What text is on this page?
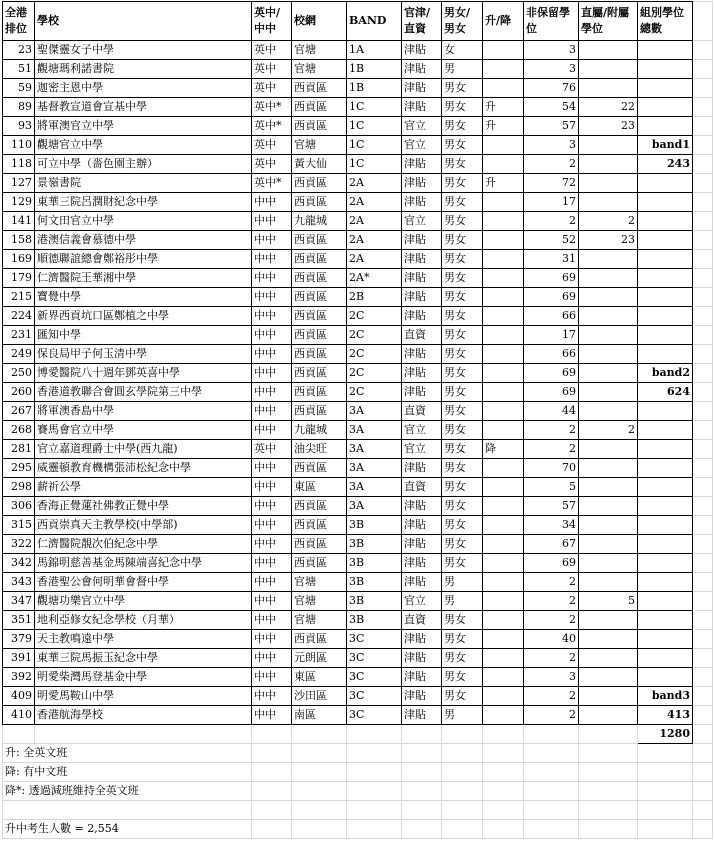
全港排位	學校	英中/中中	校網	BAND	官津/直資	男女/男女	升/降	非保留學位	直屬/附屬學位	組別學位總數	
23	聖傑靈女子中學	英中	官塘	1A	津貼	女		3			
51	觀塘瑪利諾書院	英中	官塘	1B	津貼	男		3			
59	迦密主恩中學	英中	西貢區	1B	津貼	男女		76			
89	基督教宣道會宣基中學	英中*	西貢區	1C	津貼	男女	升	54	22		
93	將軍澳官立中學	英中*	西貢區	1C	官立	男女	升	57	23		
110	觀塘官立中學	英中	官塘	1C	官立	男女		3		band1	
118	可立中學（嗇色園主辦）	英中	黃大仙	1C	津貼	男女		2		243	
127	景嶺書院	英中*	西貢區	2A	津貼	男女	升	72			
129	東華三院呂潤財紀念中學	中中	西貢區	2A	津貼	男女		17			
141	何文田官立中學	中中	九龍城	2A	官立	男女		2	2		
158	港澳信義會慕德中學	中中	西貢區	2A	津貼	男女		52	23		
169	順德聯誼總會鄭裕彤中學	中中	西貢區	2A	津貼	男女		31			
179	仁濟醫院王華湘中學	中中	西貢區	2A*	津貼	男女		69			
215	寶覺中學	中中	西貢區	2B	津貼	男女		69			
224	新界西貢坑口區鄭植之中學	中中	西貢區	2C	津貼	男女		66			
231	匯知中學	中中	西貢區	2C	直資	男女		17			
249	保良局甲子何玉清中學	中中	西貢區	2C	津貼	男女		66			
250	博愛醫院八十週年鄧英喜中學	中中	西貢區	2C	津貼	男女		69		band2	
260	香港道教聯合會圓玄學院第三中學	中中	西貢區	2C	津貼	男女		69		624	
267	將軍澳香島中學	中中	西貢區	3A	直資	男女		44			
268	賽馬會官立中學	中中	九龍城	3A	官立	男女		2	2		
281	官立嘉道理爵士中學(西九龍)	英中	油尖旺	3A	官立	男女	降	2			
295	威靈頓教育機構張沛松紀念中學	中中	西貢區	3A	津貼	男女		70			
298	薪祈公學	中中	東區	3A	直資	男女		5			
306	香海正覺蓮社佛教正覺中學	中中	西貢區	3A	津貼	男女		57			
315	西貢崇真天主教學校(中學部)	中中	西貢區	3B	津貼	男女		34			
322	仁濟醫院靚次伯紀念中學	中中	西貢區	3B	津貼	男女		67			
342	馬錦明慈善基金馬陳端喜紀念中學	中中	西貢區	3B	津貼	男女		69			
343	香港聖公會何明華會督中學	中中	官塘	3B	津貼	男		2			
347	觀塘功樂官立中學	中中	官塘	3B	官立	男		2	5		
351	地利亞修女紀念學校（月華）	中中	官塘	3B	直資	男女		2			
379	天主教鳴遠中學	中中	西貢區	3C	津貼	男女		40			
391	東華三院馬振玉紀念中學	中中	元朗區	3C	津貼	男女		2			
392	明愛柴灣馬登基金中學	中中	東區	3C	津貼	男女		3			
409	明愛馬鞍山中學	中中	沙田區	3C	津貼	男女		2		band3	
410	香港航海學校	中中	南區	3C	津貼	男		2		413	
										1280	
升: 全英文班											
降: 有中文班											
降*: 透過減班維持全英文班											

升中考生人數 = 2,554											
